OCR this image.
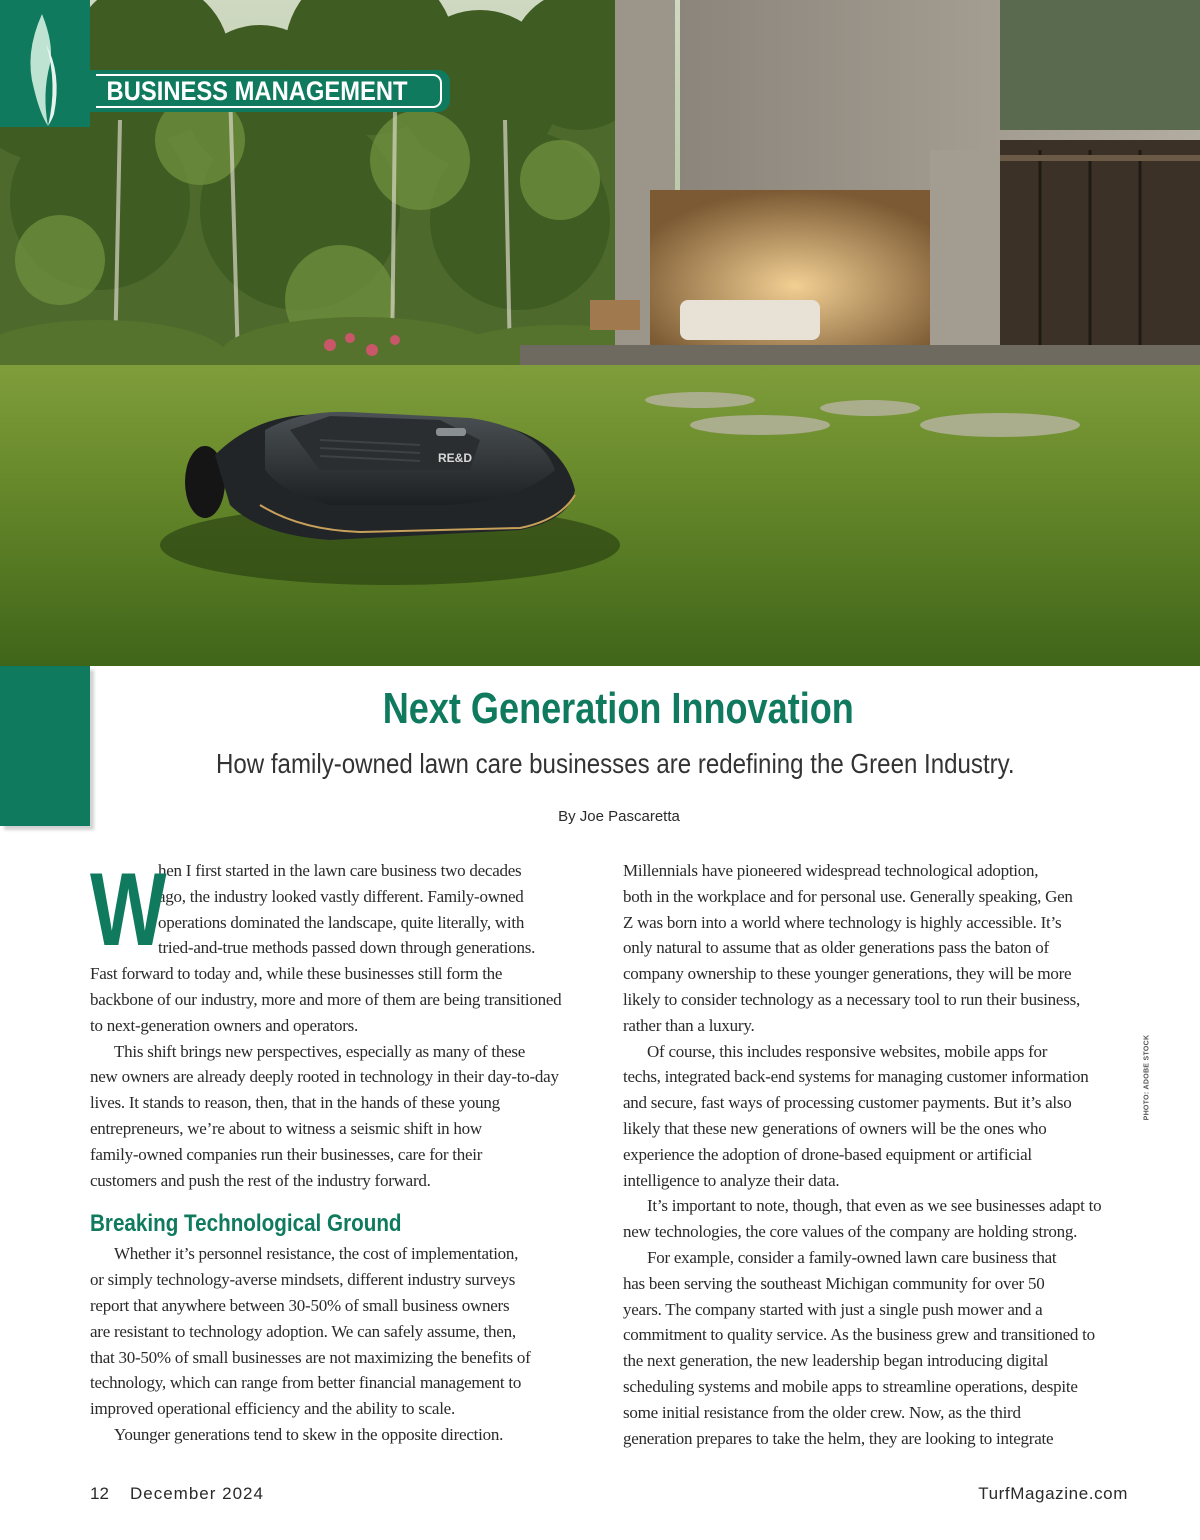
RE&D
BUSINESS MANAGEMENT
Next Generation Innovation
How family-owned lawn care businesses are redefining the Green Industry.
By Joe Pascaretta
W
hen I first started in the lawn care business two decades
ago, the industry looked vastly different. Family-owned
operations dominated the landscape, quite literally, with
tried-and-true methods passed down through generations.
Fast forward to today and, while these businesses still form the
backbone of our industry, more and more of them are being transitioned
to next-generation owners and operators.
This shift brings new perspectives, especially as many of these
new owners are already deeply rooted in technology in their day-to-day
lives. It stands to reason, then, that in the hands of these young
entrepreneurs, we’re about to witness a seismic shift in how
family-owned companies run their businesses, care for their
customers and push the rest of the industry forward.
Breaking Technological Ground
Whether it’s personnel resistance, the cost of implementation,
or simply technology-averse mindsets, different industry surveys
report that anywhere between 30-50% of small business owners
are resistant to technology adoption. We can safely assume, then,
that 30-50% of small businesses are not maximizing the benefits of
technology, which can range from better financial management to
improved operational efficiency and the ability to scale.
Younger generations tend to skew in the opposite direction.
Millennials have pioneered widespread technological adoption,
both in the workplace and for personal use. Generally speaking, Gen
Z was born into a world where technology is highly accessible. It’s
only natural to assume that as older generations pass the baton of
company ownership to these younger generations, they will be more
likely to consider technology as a necessary tool to run their business,
rather than a luxury.
Of course, this includes responsive websites, mobile apps for
techs, integrated back-end systems for managing customer information
and secure, fast ways of processing customer payments. But it’s also
likely that these new generations of owners will be the ones who
experience the adoption of drone-based equipment or artificial
intelligence to analyze their data.
It’s important to note, though, that even as we see businesses adapt to
new technologies, the core values of the company are holding strong.
For example, consider a family-owned lawn care business that
has been serving the southeast Michigan community for over 50
years. The company started with just a single push mower and a
commitment to quality service. As the business grew and transitioned to
the next generation, the new leadership began introducing digital
scheduling systems and mobile apps to streamline operations, despite
some initial resistance from the older crew. Now, as the third
generation prepares to take the helm, they are looking to integrate
PHOTO: ADOBE STOCK
12 December 2024	TurfMagazine.com
